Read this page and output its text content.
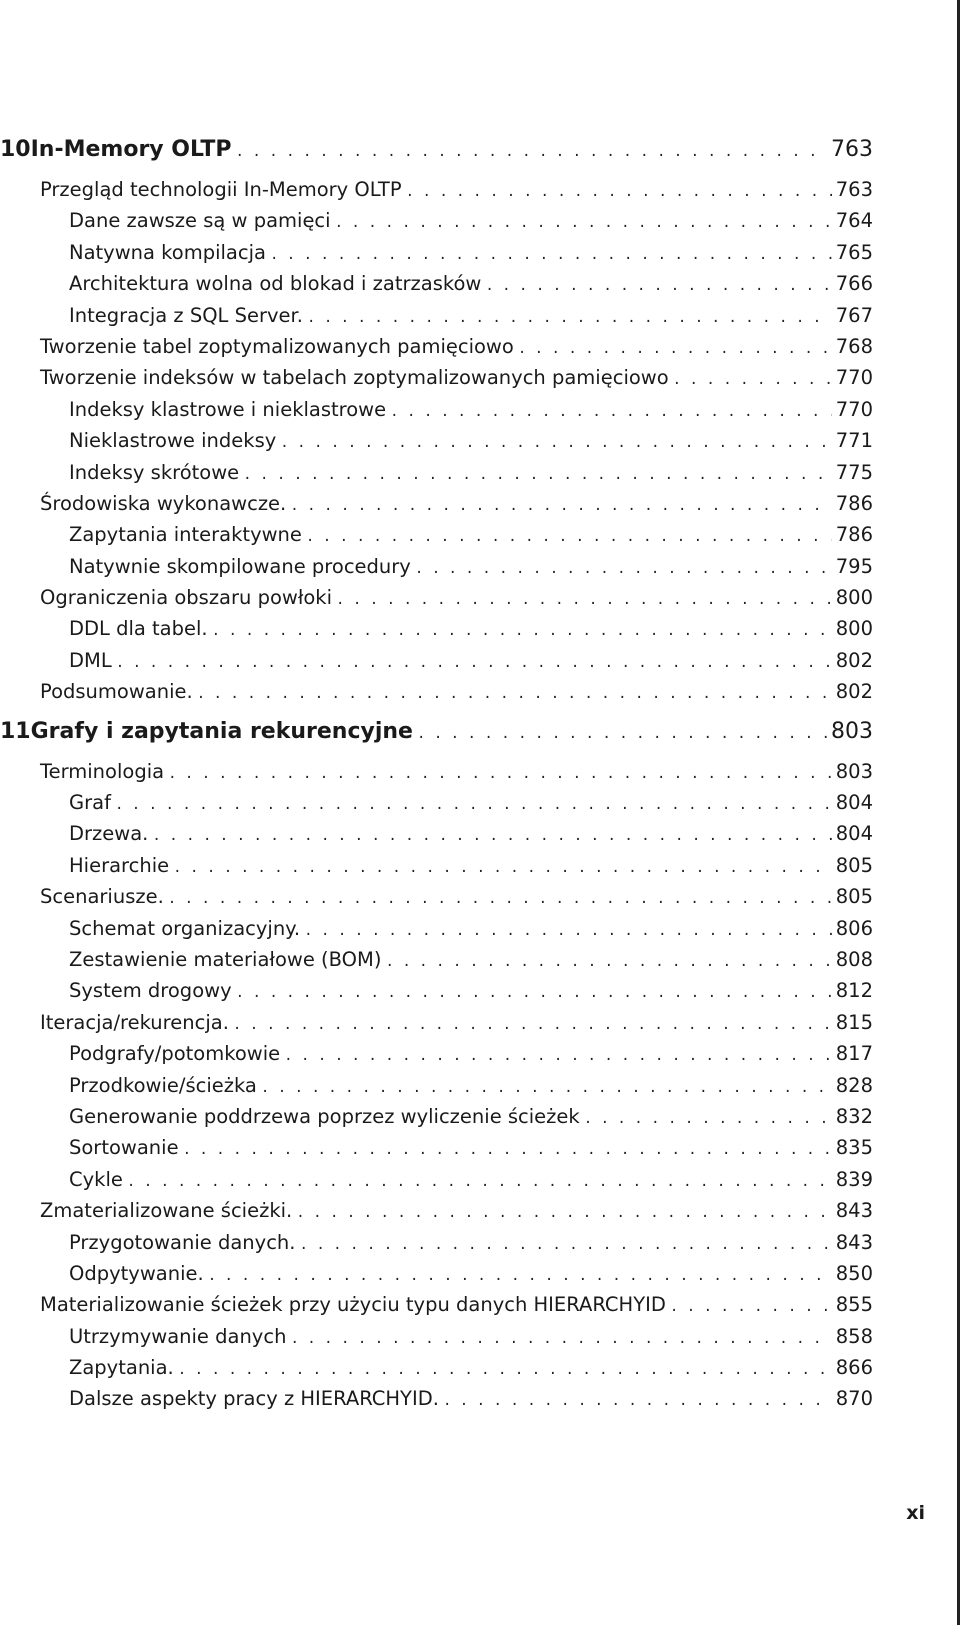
10 In-Memory OLTP . . .	763
Przegląd technologii In-Memory OLTP . . .	763
Dane zawsze są w pamięci . . .	764
Natywna kompilacja . . .	765
Architektura wolna od blokad i zatrzasków . . .	766
Integracja z SQL Server. . . .	767
Tworzenie tabel zoptymalizowanych pamięciowo . . .	768
Tworzenie indeksów w tabelach zoptymalizowanych pamięciowo . . .	770
Indeksy klastrowe i nieklastrowe . . .	770
Nieklastrowe indeksy . . .	771
Indeksy skrótowe . . .	775
Środowiska wykonawcze. . . .	786
Zapytania interaktywne . . .	786
Natywnie skompilowane procedury . . .	795
Ograniczenia obszaru powłoki . . .	800
DDL dla tabel. . . .	800
DML . . .	802
Podsumowanie. . . .	802
11 Grafy i zapytania rekurencyjne . . .	803
Terminologia . . .	803
Graf . . .	804
Drzewa. . . .	804
Hierarchie . . .	805
Scenariusze. . . .	805
Schemat organizacyjny. . . .	806
Zestawienie materiałowe (BOM) . . .	808
System drogowy . . .	812
Iteracja/rekurencja. . . .	815
Podgrafy/potomkowie . . .	817
Przodkowie/ścieżka . . .	828
Generowanie poddrzewa poprzez wyliczenie ścieżek . . .	832
Sortowanie . . .	835
Cykle . . .	839
Zmaterializowane ścieżki. . . .	843
Przygotowanie danych. . . .	843
Odpytywanie. . . .	850
Materializowanie ścieżek przy użyciu typu danych HIERARCHYID . . .	855
Utrzymywanie danych . . .	858
Zapytania. . . .	866
Dalsze aspekty pracy z HIERARCHYID. . . .	870
xi
